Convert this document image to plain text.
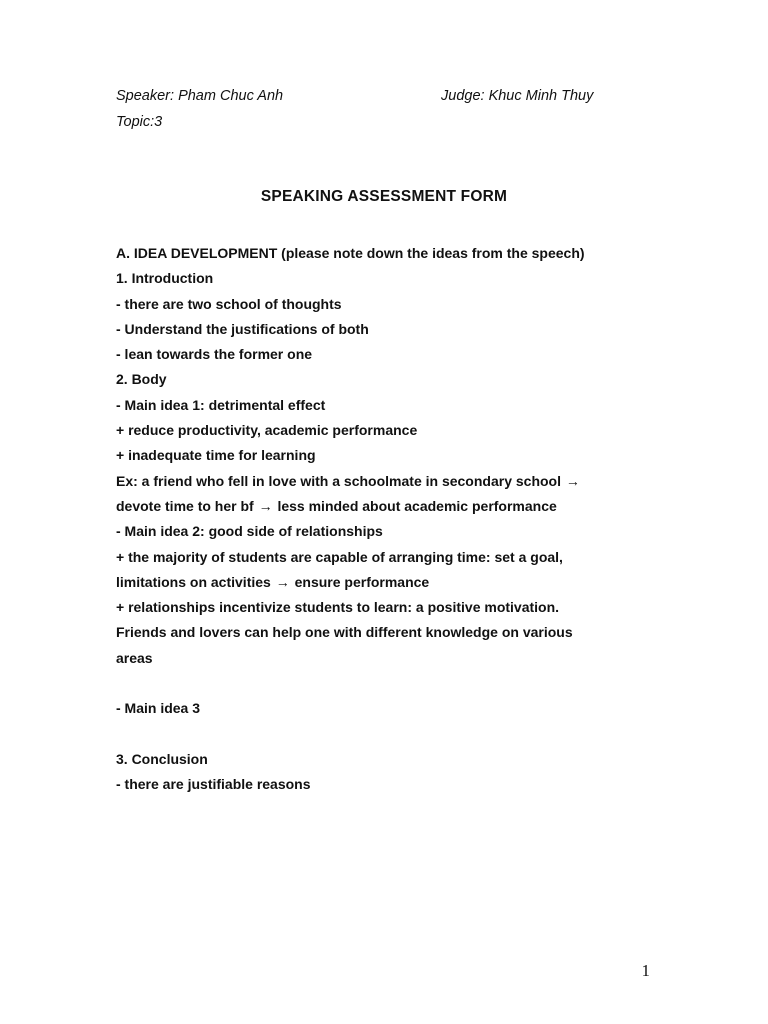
Speaker: Pham Chuc Anh	Judge: Khuc Minh Thuy
Topic:3
SPEAKING ASSESSMENT FORM
A. IDEA DEVELOPMENT (please note down the ideas from the speech)
1. Introduction
- there are two school of thoughts
- Understand the justifications of both
- lean towards the former one
2. Body
- Main idea 1: detrimental effect
+ reduce productivity, academic performance
+ inadequate time for learning
Ex: a friend who fell in love with a schoolmate in secondary school →
devote time to her bf → less minded about academic performance
- Main idea 2: good side of relationships
+ the majority of students are capable of arranging time: set a goal,
limitations on activities → ensure performance
+ relationships incentivize students to learn: a positive motivation.
Friends and lovers can help one with different knowledge on various
areas
- Main idea 3
3. Conclusion
- there are justifiable reasons
1
